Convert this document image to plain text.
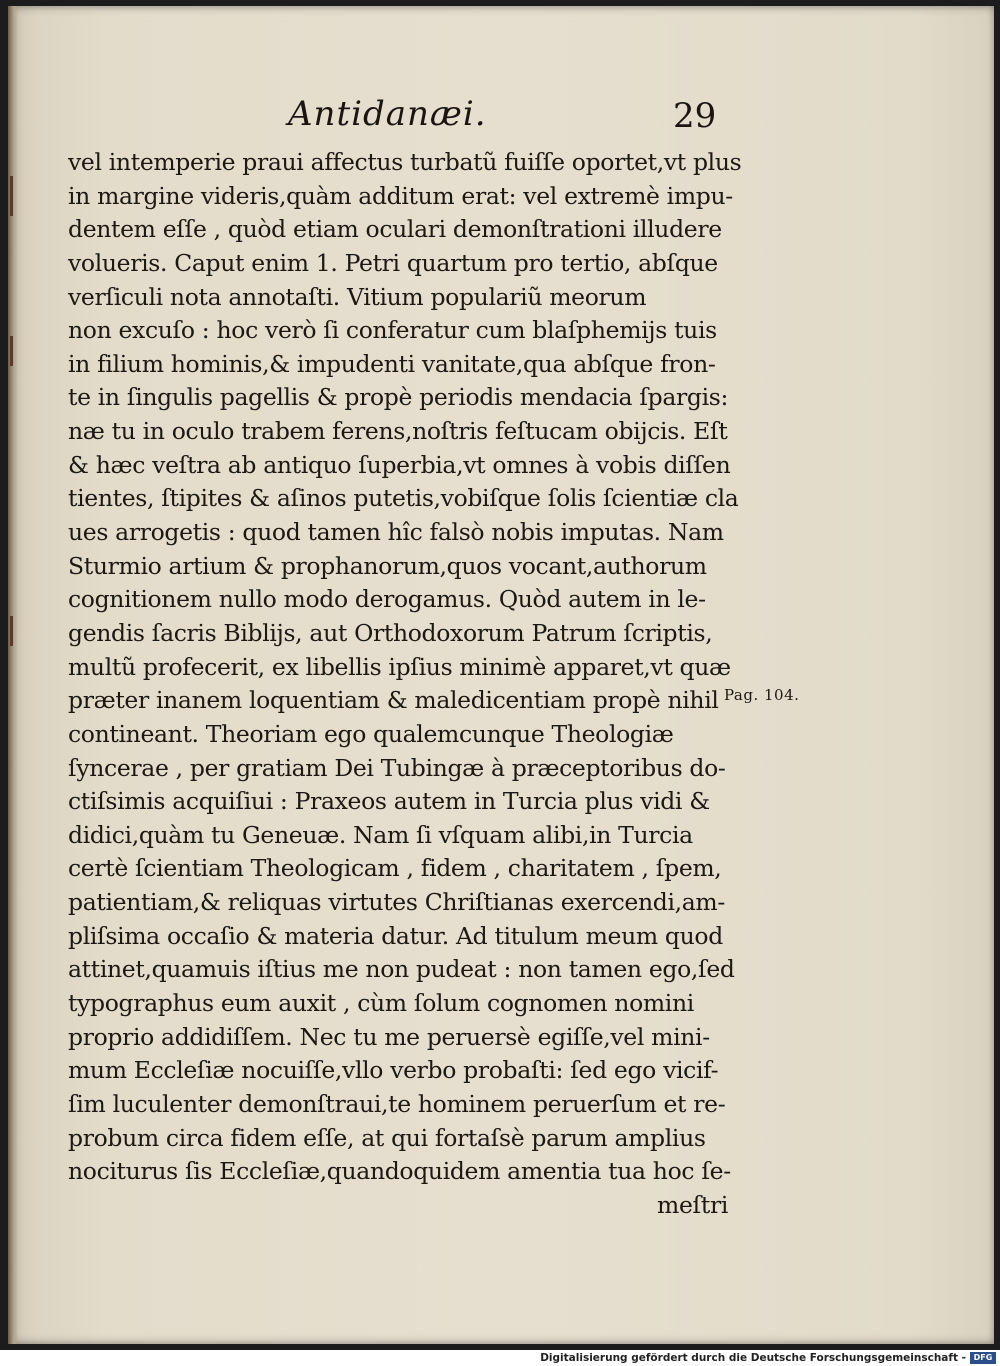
Antidanæi.	29
vel intemperie praui affectus turbatũ fuiſſe oportet,vt plus
in margine videris,quàm additum erat: vel extremè impu-
dentem eſſe , quòd etiam oculari demonſtrationi illudere
volueris. Caput enim 1. Petri quartum pro tertio, abſque
verſiculi nota annotaſti. Vitium populariũ meorum
non excuſo : hoc verò ſi conferatur cum blaſphemijs tuis
in filium hominis,& impudenti vanitate,qua abſque fron-
te in ſingulis pagellis & propè periodis mendacia ſpargis:
næ tu in oculo trabem ferens,noſtris feſtucam obijcis. Eſt
& hæc veſtra ab antiquo ſuperbia,vt omnes à vobis diſſen
tientes, ſtipites & aſinos putetis,vobiſque ſolis ſcientiæ cla
ues arrogetis : quod tamen hîc falsò nobis imputas. Nam
Sturmio artium & prophanorum,quos vocant,authorum
cognitionem nullo modo derogamus. Quòd autem in le-
gendis ſacris Biblijs, aut Orthodoxorum Patrum ſcriptis,
multũ profecerit, ex libellis ipſius minimè apparet,vt quæ
præter inanem loquentiam & maledicentiam propè nihil
contineant. Theoriam ego qualemcunque Theologiæ
ſyncerae , per gratiam Dei Tubingæ à præceptoribus do-
ctiſsimis acquiſiui : Praxeos autem in Turcia plus vidi &
didici,quàm tu Geneuæ. Nam ſi vſquam alibi,in Turcia
certè ſcientiam Theologicam , fidem , charitatem , ſpem,
patientiam,& reliquas virtutes Chriſtianas exercendi,am-
pliſsima occaſio & materia datur. Ad titulum meum quod
attinet,quamuis iſtius me non pudeat : non tamen ego,ſed
typographus eum auxit , cùm ſolum cognomen nomini
proprio addidiſſem. Nec tu me peruersè egiſſe,vel mini-
mum Eccleſiæ nocuiſſe,vllo verbo probaſti: ſed ego vicif-
ſim luculenter demonſtraui,te hominem peruerſum et re-
probum circa fidem eſſe, at qui fortaſsè parum amplius
nociturus ſis Eccleſiæ,quandoquidem amentia tua hoc ſe-
meſtri
Pag. 104.
Digitalisierung gefördert durch die Deutsche Forschungsgemeinschaft - DFG
